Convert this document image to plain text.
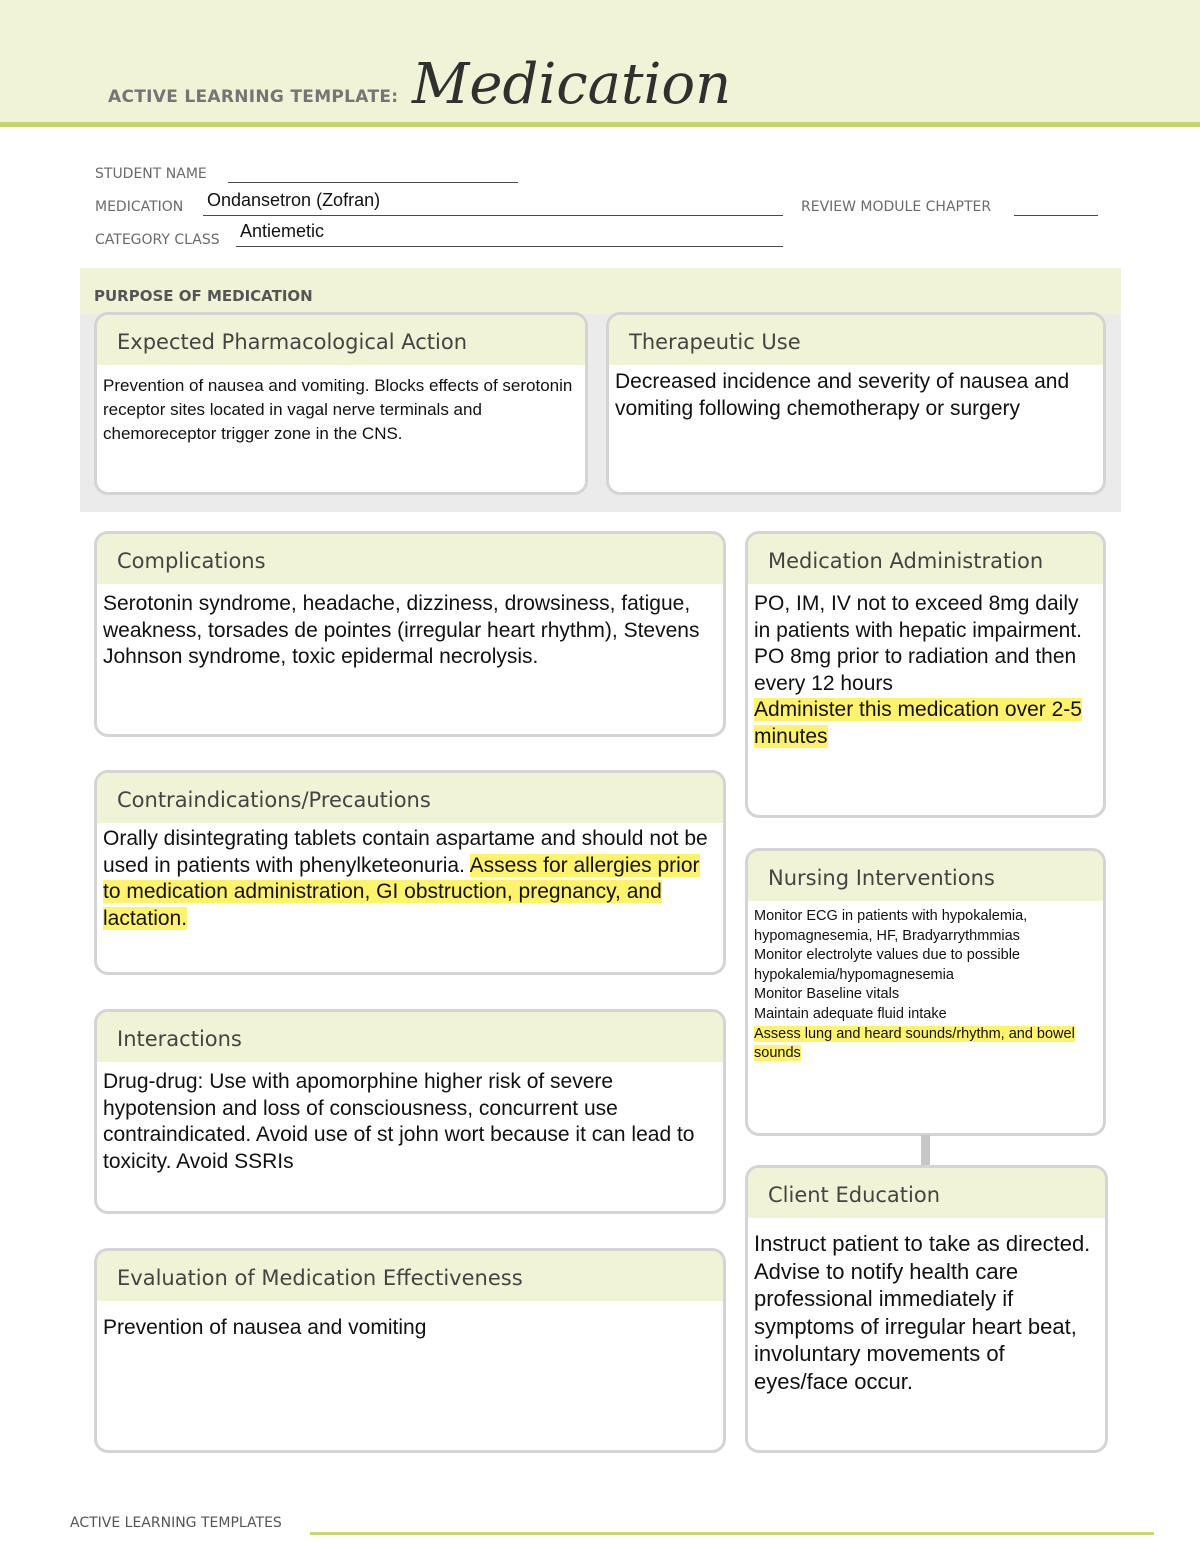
ACTIVE LEARNING TEMPLATE: Medication
STUDENT NAME
MEDICATION Ondansetron (Zofran)	REVIEW MODULE CHAPTER
CATEGORY CLASS Antiemetic
PURPOSE OF MEDICATION
Expected Pharmacological Action
Prevention of nausea and vomiting. Blocks effects of serotonin receptor sites located in vagal nerve terminals and chemoreceptor trigger zone in the CNS.
Therapeutic Use
Decreased incidence and severity of nausea and vomiting following chemotherapy or surgery
Complications
Serotonin syndrome, headache, dizziness, drowsiness, fatigue, weakness, torsades de pointes (irregular heart rhythm), Stevens Johnson syndrome, toxic epidermal necrolysis.
Contraindications/Precautions
Orally disintegrating tablets contain aspartame and should not be used in patients with phenylketeonuria. Assess for allergies prior to medication administration, GI obstruction, pregnancy, and lactation.
Interactions
Drug-drug: Use with apomorphine higher risk of severe hypotension and loss of consciousness, concurrent use contraindicated. Avoid use of st john wort because it can lead to toxicity. Avoid SSRIs
Evaluation of Medication Effectiveness
Prevention of nausea and vomiting
Medication Administration
PO, IM, IV not to exceed 8mg daily in patients with hepatic impairment.
PO 8mg prior to radiation and then every 12 hours
Administer this medication over 2-5 minutes
Nursing Interventions
Monitor ECG in patients with hypokalemia, hypomagnesemia, HF, Bradyarrythmmias
Monitor electrolyte values due to possible hypokalemia/hypomagnesemia
Monitor Baseline vitals
Maintain adequate fluid intake
Assess lung and heard sounds/rhythm, and bowel sounds
Client Education
Instruct patient to take as directed. Advise to notify health care professional immediately if symptoms of irregular heart beat, involuntary movements of eyes/face occur.
ACTIVE LEARNING TEMPLATES
